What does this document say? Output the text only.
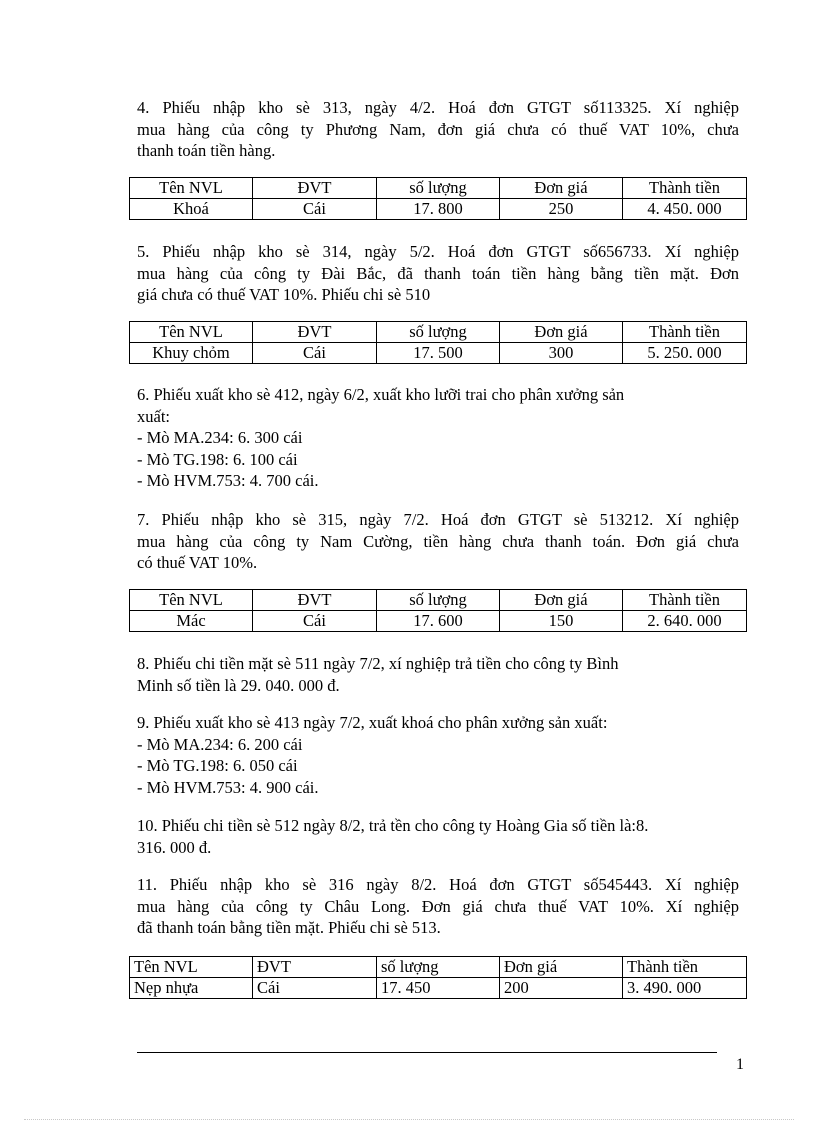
4. Phiếu nhập kho sè 313, ngày 4/2. Hoá đơn GTGT số113325. Xí nghiệp
mua hàng của công ty Phương Nam, đơn giá chưa có thuế VAT 10%, chưa
thanh toán tiền hàng.

Tên NVL	ĐVT	số lượng	Đơn giá	Thành tiền
Khoá	Cái	17. 800	250	4. 450. 000

5. Phiếu nhập kho sè 314, ngày 5/2. Hoá đơn GTGT số656733. Xí nghiệp
mua hàng của công ty Đài Bắc, đã thanh toán tiền hàng bằng tiền mặt. Đơn
giá chưa có thuế VAT 10%. Phiếu chi sè 510

Tên NVL	ĐVT	số lượng	Đơn giá	Thành tiền
Khuy chỏm	Cái	17. 500	300	5. 250. 000

6. Phiếu xuất kho sè 412, ngày 6/2, xuất kho lưỡi trai cho phân xưởng sản
xuất:
- Mò MA.234: 6. 300 cái
- Mò TG.198: 6. 100 cái
- Mò HVM.753: 4. 700 cái.

7. Phiếu nhập kho sè 315, ngày 7/2. Hoá đơn GTGT sè 513212. Xí nghiệp
mua hàng của công ty Nam Cường, tiền hàng chưa thanh toán. Đơn giá chưa
có thuế VAT 10%.

Tên NVL	ĐVT	số lượng	Đơn giá	Thành tiền
Mác	Cái	17. 600	150	2. 640. 000

8. Phiếu chi tiền mặt sè 511 ngày 7/2, xí nghiệp trả tiền cho công ty Bình
Minh số tiền là 29. 040. 000 đ.

9. Phiếu xuất kho sè 413 ngày 7/2, xuất khoá cho phân xưởng sản xuất:
- Mò MA.234: 6. 200 cái
- Mò TG.198: 6. 050 cái
- Mò HVM.753: 4. 900 cái.

10. Phiếu chi tiền sè 512 ngày 8/2, trả tền cho công ty Hoàng Gia số tiền là:8.
316. 000 đ.

11. Phiếu nhập kho sè 316 ngày 8/2. Hoá đơn GTGT số545443. Xí nghiệp
mua hàng của công ty Châu Long. Đơn giá chưa thuế VAT 10%. Xí nghiệp
đã thanh toán bằng tiền mặt. Phiếu chi sè 513.

Tên NVL	ĐVT	số lượng	Đơn giá	Thành tiền
Nẹp nhựa	Cái	17. 450	200	3. 490. 000
1
